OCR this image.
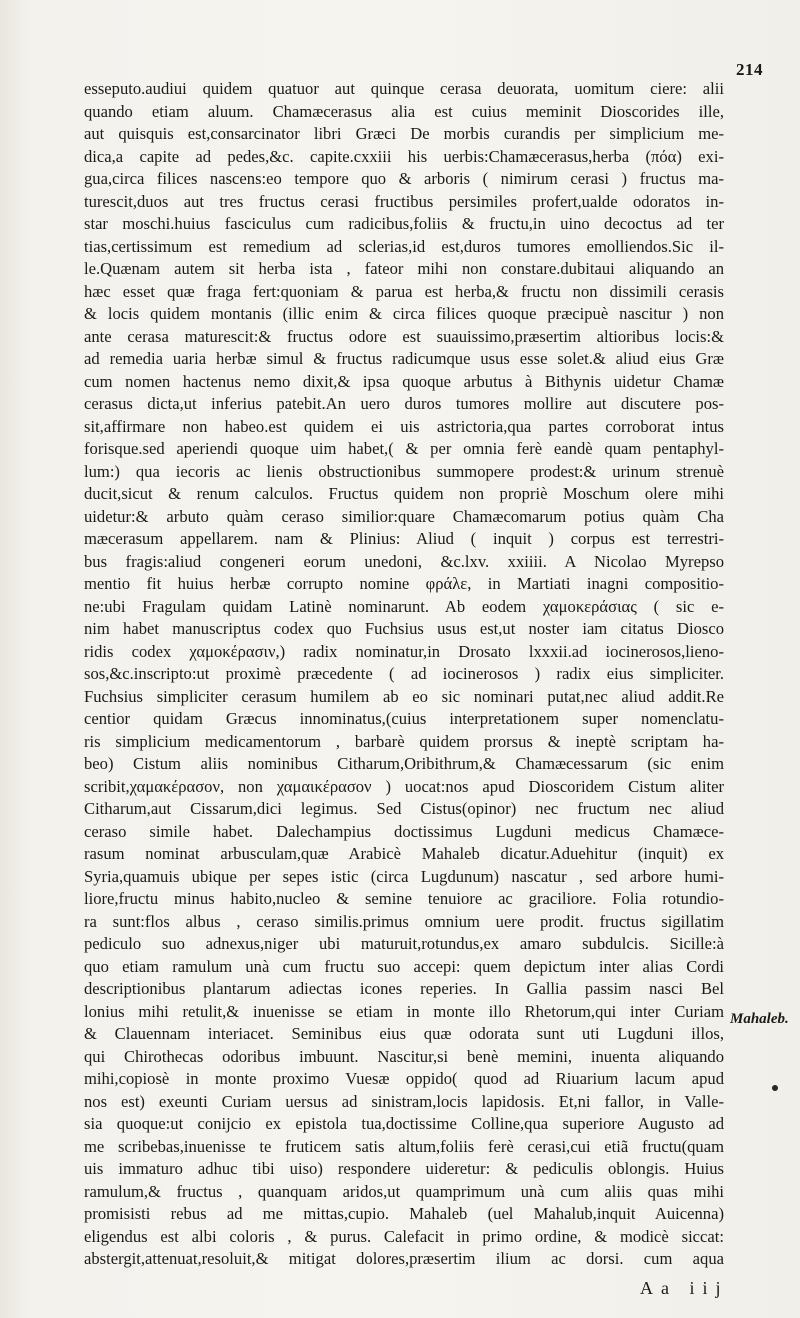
214
esseputo.audiui quidem quatuor aut quinque cerasa deuorata, uomitum ciere: alii
quando etiam aluum. Chamæcerasus alia est cuius meminit Dioscorides ille,
aut quisquis est,consarcinator libri Græci De morbis curandis per simplicium me-
dica,a capite ad pedes,&c. capite.cxxiii his uerbis:Chamæcerasus,herba (πόα) exi-
gua,circa filices nascens:eo tempore quo & arboris ( nimirum cerasi ) fructus ma-
turescit,duos aut tres fructus cerasi fructibus persimiles profert,ualde odoratos in-
star moschi.huius fasciculus cum radicibus,foliis & fructu,in uino decoctus ad ter
tias,certissimum est remedium ad sclerias,id est,duros tumores emolliendos.Sic il-
le.Quænam autem sit herba ista , fateor mihi non constare.dubitaui aliquando an
hæc esset quæ fraga fert:quoniam & parua est herba,& fructu non dissimili cerasis
& locis quidem montanis (illic enim & circa filices quoque præcipuè nascitur ) non
ante cerasa maturescit:& fructus odore est suauissimo,præsertim altioribus locis:&
ad remedia uaria herbæ simul & fructus radicumque usus esse solet.& aliud eius Græ
cum nomen hactenus nemo dixit,& ipsa quoque arbutus à Bithynis uidetur Chamæ
cerasus dicta,ut inferius patebit.An uero duros tumores mollire aut discutere pos-
sit,affirmare non habeo.est quidem ei uis astrictoria,qua partes corroborat intus
forisque.sed aperiendi quoque uim habet,( & per omnia ferè eandè quam pentaphyl-
lum:) qua iecoris ac lienis obstructionibus summopere prodest:& urinum strenuè
ducit,sicut & renum calculos. Fructus quidem non propriè Moschum olere mihi
uidetur:& arbuto quàm ceraso similior:quare Chamæcomarum potius quàm Cha
mæcerasum appellarem. nam & Plinius: Aliud ( inquit ) corpus est terrestri-
bus fragis:aliud congeneri eorum unedoni, &c.lxv. xxiiii. A Nicolao Myrepso
mentio fit huius herbæ corrupto nomine φράλε, in Martiati inagni compositio-
ne:ubi Fragulam quidam Latinè nominarunt. Ab eodem χαμοκεράσιας ( sic e-
nim habet manuscriptus codex quo Fuchsius usus est,ut noster iam citatus Diosco
ridis codex χαμοκέρασιν,) radix nominatur,in Drosato lxxxii.ad iocinerosos,lieno-
sos,&c.inscripto:ut proximè præcedente ( ad iocinerosos ) radix eius simpliciter.
Fuchsius simpliciter cerasum humilem ab eo sic nominari putat,nec aliud addit.Re
centior quidam Græcus innominatus,(cuius interpretationem super nomenclatu-
ris simplicium medicamentorum , barbarè quidem prorsus & ineptè scriptam ha-
beo) Cistum aliis nominibus Citharum,Oribithrum,& Chamæcessarum (sic enim
scribit,χαμακέρασον, non χαμαικέρασον ) uocat:nos apud Dioscoridem Cistum aliter
Citharum,aut Cissarum,dici legimus. Sed Cistus(opinor) nec fructum nec aliud
ceraso simile habet. Dalechampius doctissimus Lugduni medicus Chamæce-
rasum nominat arbusculam,quæ Arabicè Mahaleb dicatur.Aduehitur (inquit) ex
Syria,quamuis ubique per sepes istic (circa Lugdunum) nascatur , sed arbore humi-
liore,fructu minus habito,nucleo & semine tenuiore ac graciliore. Folia rotundio-
ra sunt:flos albus , ceraso similis.primus omnium uere prodit. fructus sigillatim
pediculo suo adnexus,niger ubi maturuit,rotundus,ex amaro subdulcis. Sicille:à
quo etiam ramulum unà cum fructu suo accepi: quem depictum inter alias Cordi
descriptionibus plantarum adiectas icones reperies. In Gallia passim nasci Bel
lonius mihi retulit,& inuenisse se etiam in monte illo Rhetorum,qui inter Curiam
& Clauennam interiacet. Seminibus eius quæ odorata sunt uti Lugduni illos,
qui Chirothecas odoribus imbuunt. Nascitur,si benè memini, inuenta aliquando
mihi,copiosè in monte proximo Vuesæ oppido( quod ad Riuarium lacum apud
nos est) exeunti Curiam uersus ad sinistram,locis lapidosis. Et,ni fallor, in Valle-
sia quoque:ut conijcio ex epistola tua,doctissime Colline,qua superiore Augusto ad
me scribebas,inuenisse te fruticem satis altum,foliis ferè cerasi,cui etiã fructu(quam
uis immaturo adhuc tibi uiso) respondere uideretur: & pediculis oblongis. Huius
ramulum,& fructus , quanquam aridos,ut quamprimum unà cum aliis quas mihi
promisisti rebus ad me mittas,cupio. Mahaleb (uel Mahalub,inquit Auicenna)
eligendus est albi coloris , & purus. Calefacit in primo ordine, & modicè siccat:
abstergit,attenuat,resoluit,& mitigat dolores,præsertim ilium ac dorsi. cum aqua
Mahaleb.
Aa iij
